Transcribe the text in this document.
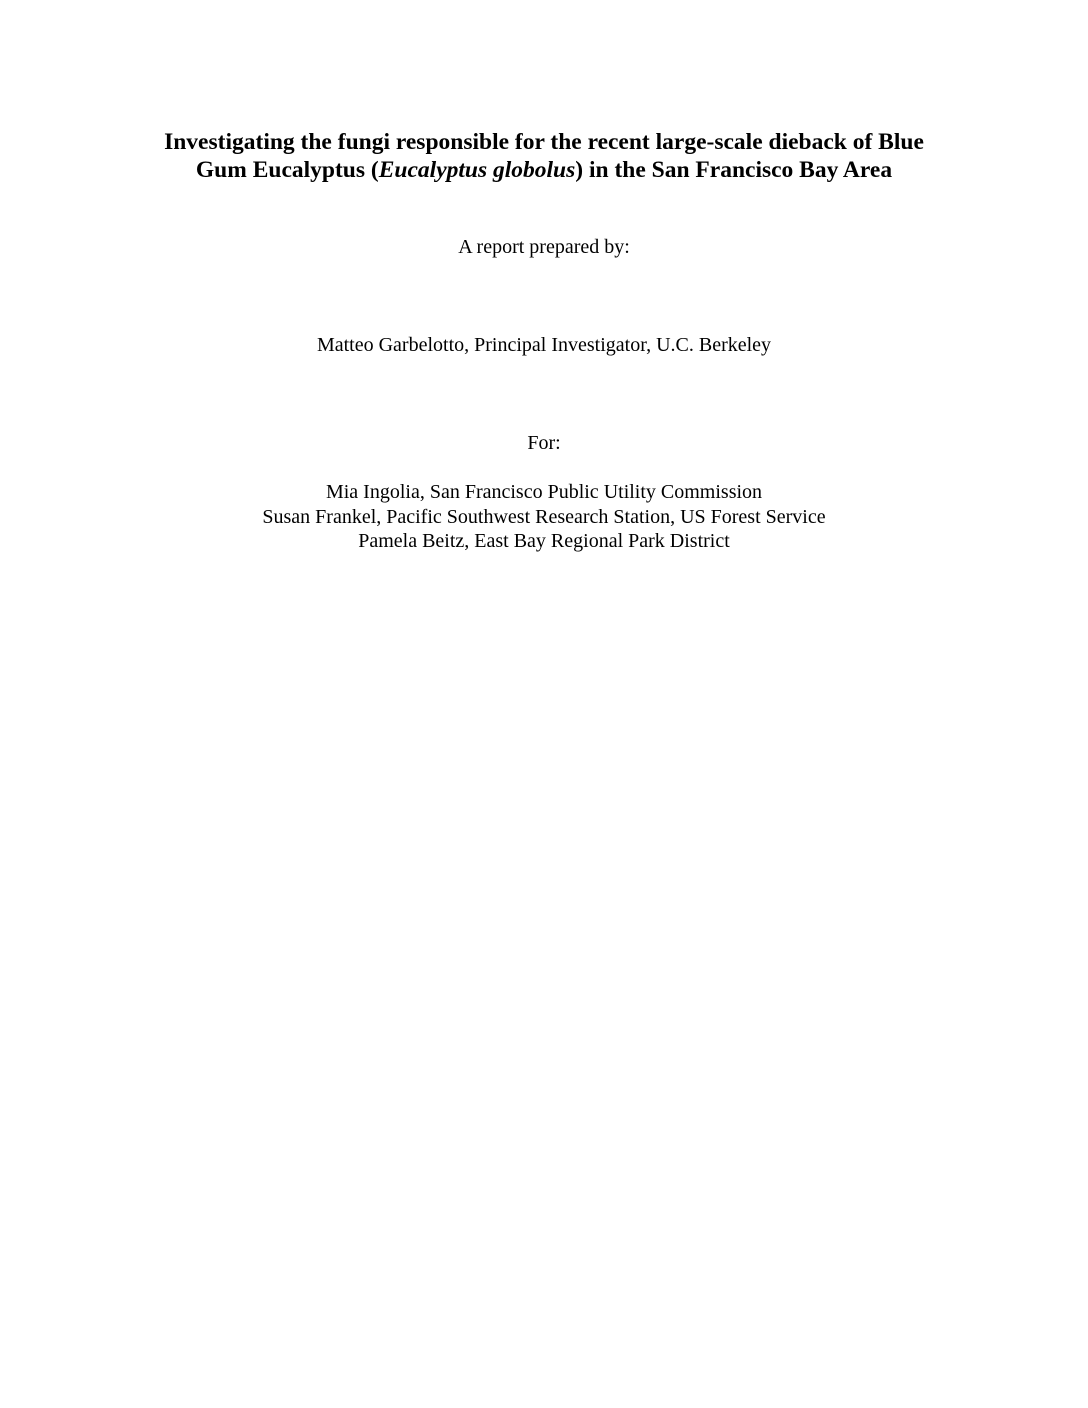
Investigating the fungi responsible for the recent large-scale dieback of Blue
Gum Eucalyptus (Eucalyptus globolus) in the San Francisco Bay Area
A report prepared by:
Matteo Garbelotto, Principal Investigator, U.C. Berkeley
For:
Mia Ingolia, San Francisco Public Utility Commission
Susan Frankel, Pacific Southwest Research Station, US Forest Service
Pamela Beitz, East Bay Regional Park District
